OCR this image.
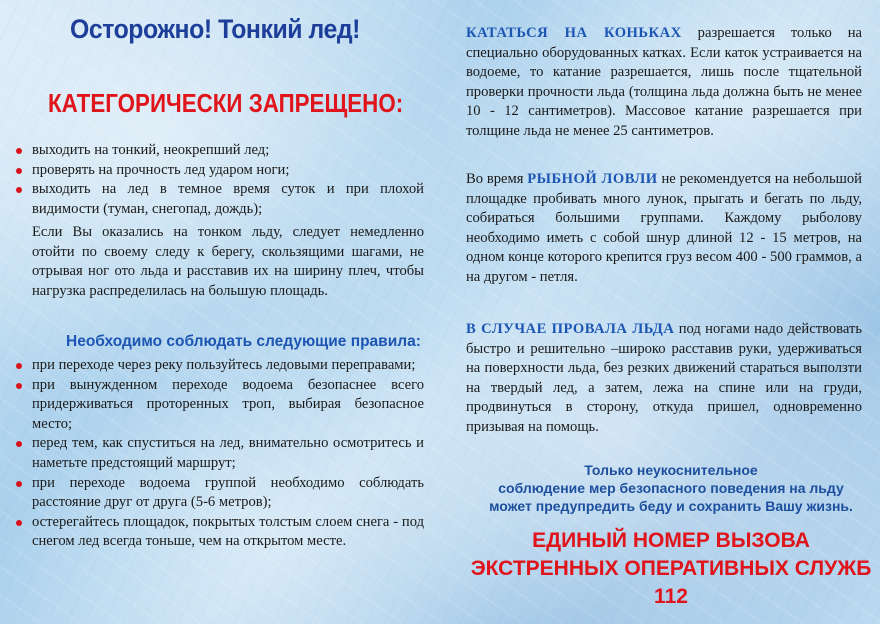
Осторожно! Тонкий лед!
КАТЕГОРИЧЕСКИ ЗАПРЕЩЕНО:
выходить на тонкий, неокрепший лед;
проверять на прочность лед ударом ноги;
выходить на лед в темное время суток и при плохой видимости (туман, снегопад, дождь);
Если Вы оказались на тонком льду, следует немедленно отойти по своему следу к берегу, скользящими шагами, не отрывая ног ото льда и расставив их на ширину плеч, чтобы нагрузка распределилась на большую площадь.
Необходимо соблюдать следующие правила:
при переходе через реку пользуйтесь ледовыми переправами;
при вынужденном переходе водоема безопаснее всего придерживаться проторенных троп, выбирая безопасное место;
перед тем, как спуститься на лед, внимательно осмотритесь и наметьте предстоящий маршрут;
при переходе водоема группой необходимо соблюдать расстояние друг от друга (5-6 метров);
остерегайтесь площадок, покрытых толстым слоем снега - под снегом лед всегда тоньше, чем на открытом месте.
КАТАТЬСЯ НА КОНЬКАХ разрешается только на специально оборудованных катках. Если каток устраивается на водоеме, то катание разрешается, лишь после тщательной проверки прочности льда (толщина льда должна быть не менее 10 - 12 сантиметров). Массовое катание разрешается при толщине льда не менее 25 сантиметров.
Во время РЫБНОЙ ЛОВЛИ не рекомендуется на небольшой площадке пробивать много лунок, прыгать и бегать по льду, собираться большими группами. Каждому рыболову необходимо иметь с собой шнур длиной 12 - 15 метров, на одном конце которого крепится груз весом 400 - 500 граммов, а на другом - петля.
В СЛУЧАЕ ПРОВАЛА ЛЬДА под ногами надо действовать быстро и решительно –широко расставив руки, удерживаться на поверхности льда, без резких движений стараться выползти на твердый лед, а затем, лежа на спине или на груди, продвинуться в сторону, откуда пришел, одновременно призывая на помощь.
Только неукоснительное
соблюдение мер безопасного поведения на льду
может предупредить беду и сохранить Вашу жизнь.
ЕДИНЫЙ НОМЕР ВЫЗОВА
ЭКСТРЕННЫХ ОПЕРАТИВНЫХ СЛУЖБ
112
